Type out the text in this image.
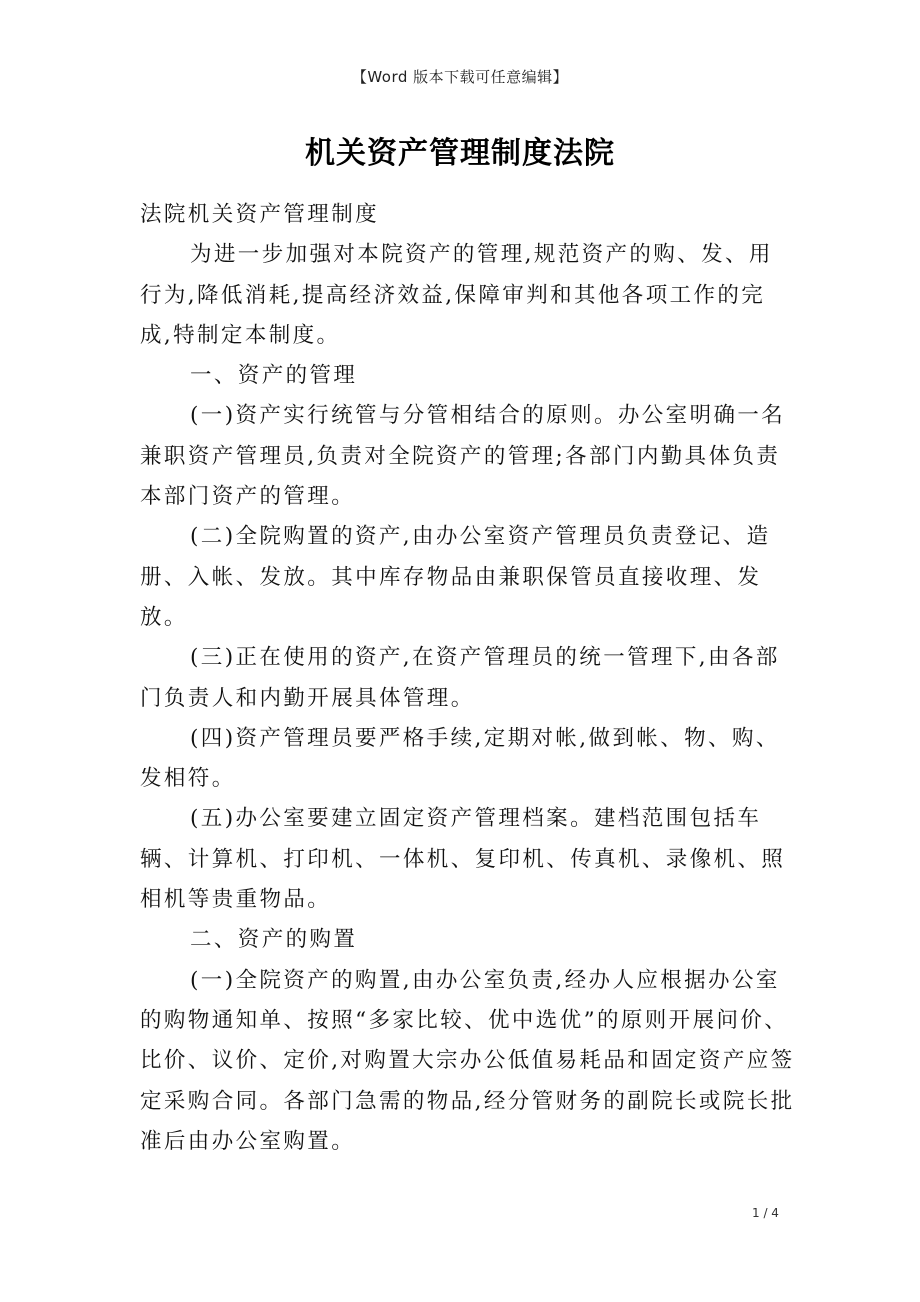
【Word 版本下载可任意编辑】
机关资产管理制度法院

法院机关资产管理制度

为进一步加强对本院资产的管理,规范资产的购、发、用行为,降低消耗,提高经济效益,保障审判和其他各项工作的完成,特制定本制度。

一、资产的管理

(一)资产实行统管与分管相结合的原则。办公室明确一名兼职资产管理员,负责对全院资产的管理;各部门内勤具体负责本部门资产的管理。

(二)全院购置的资产,由办公室资产管理员负责登记、造册、入帐、发放。其中库存物品由兼职保管员直接收理、发放。

(三)正在使用的资产,在资产管理员的统一管理下,由各部门负责人和内勤开展具体管理。

(四)资产管理员要严格手续,定期对帐,做到帐、物、购、发相符。

(五)办公室要建立固定资产管理档案。建档范围包括车辆、计算机、打印机、一体机、复印机、传真机、录像机、照相机等贵重物品。

二、资产的购置

(一)全院资产的购置,由办公室负责,经办人应根据办公室的购物通知单、按照“多家比较、优中选优”的原则开展问价、比价、议价、定价,对购置大宗办公低值易耗品和固定资产应签定采购合同。各部门急需的物品,经分管财务的副院长或院长批准后由办公室购置。

1 / 4
